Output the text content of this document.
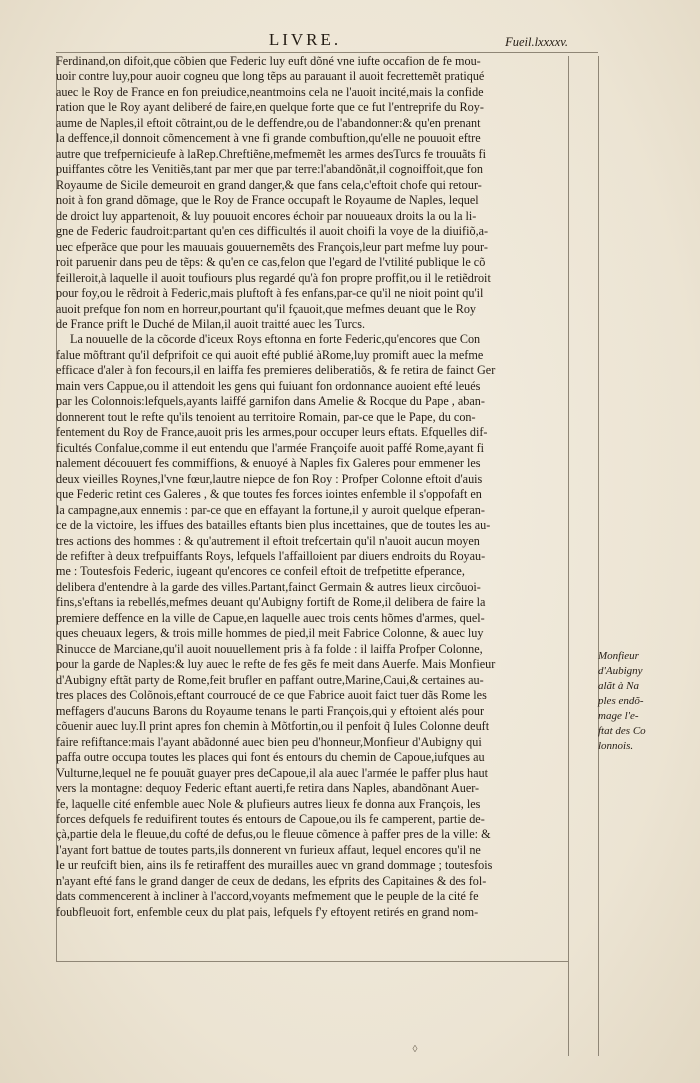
LIVRE.	Fueil.lxxxxv.
Ferdinand,on difoit,que cõbien que Federic luy euft dõné vne iufte occafion de fe mou-
uoir contre luy,pour auoir cogneu que long tẽps au parauant il auoit fecrettemẽt pratiqué
auec le Roy de France en fon preiudice,neantmoins cela ne l'auoit incité,mais la confide
ration que le Roy ayant deliberé de faire,en quelque forte que ce fut l'entreprife du Roy-
aume de Naples,il eftoit cõtraint,ou de le deffendre,ou de l'abandonner:& qu'en prenant
la deffence,il donnoit cõmencement à vne fi grande combuftion,qu'elle ne pouuoit eftre
autre que trefpernicieufe à laRep.Chreftiẽne,mefmemẽt les armes desTurcs fe trouuãts fi
puiffantes cõtre les Venitiẽs,tant par mer que par terre:l'abandõnãt,il cognoiffoit,que fon
Royaume de Sicile demeuroit en grand danger,& que fans cela,c'eftoit chofe qui retour-
noit à fon grand dõmage, que le Roy de France occupaft le Royaume de Naples, lequel
de droict luy appartenoit, & luy pouuoit encores échoir par nouueaux droits la ou la li-
gne de Federic faudroit:partant qu'en ces difficultés il auoit choifi la voye de la diuifiõ,a-
uec efperãce que pour les mauuais gouuernemẽts des François,leur part mefme luy pour-
roit paruenir dans peu de tẽps: & qu'en ce cas,felon que l'egard de l'vtilité publique le cõ
feilleroit,à laquelle il auoit toufiours plus regardé qu'à fon propre proffit,ou il le retiẽdroit
pour foy,ou le rẽdroit à Federic,mais pluftoft à fes enfans,par-ce qu'il ne nioit point qu'il
auoit prefque fon nom en horreur,pourtant qu'il fçauoit,que mefmes deuant que le Roy
de France prift le Duché de Milan,il auoit traitté auec les Turcs.
La nouuelle de la cõcorde d'iceux Roys eftonna en forte Federic,qu'encores que Con
falue mõftrant qu'il defprifoit ce qui auoit efté publié àRome,luy promift auec la mefme
efficace d'aler à fon fecours,il en laiffa fes premieres deliberatiõs, & fe retira de fainct Ger
main vers Cappue,ou il attendoit les gens qui fuiuant fon ordonnance auoient efté leués
par les Colonnois:lefquels,ayants laiffé garnifon dans Amelie & Rocque du Pape , aban-
donnerent tout le refte qu'ils tenoient au territoire Romain, par-ce que le Pape, du con-
fentement du Roy de France,auoit pris les armes,pour occuper leurs eftats. Efquelles dif-
ficultés Confalue,comme il eut entendu que l'armée Françoife auoit paffé Rome,ayant fi
nalement découuert fes commiffions, & enuoyé à Naples fix Galeres pour emmener les
deux vieilles Roynes,l'vne fœur,lautre niepce de fon Roy : Profper Colonne eftoit d'auis
que Federic retint ces Galeres , & que toutes fes forces iointes enfemble il s'oppofaft en
la campagne,aux ennemis : par-ce que en effayant la fortune,il y auroit quelque efperan-
ce de la victoire, les iffues des batailles eftants bien plus incettaines, que de toutes les au-
tres actions des hommes : & qu'autrement il eftoit trefcertain qu'il n'auoit aucun moyen
de refifter à deux trefpuiffants Roys, lefquels l'affailloient par diuers endroits du Royau-
me : Toutesfois Federic, iugeant qu'encores ce confeil eftoit de trefpetitte efperance,
delibera d'entendre à la garde des villes.Partant,fainct Germain & autres lieux circõuoi-
fins,s'eftans ia rebellés,mefmes deuant qu'Aubigny fortift de Rome,il delibera de faire la
premiere deffence en la ville de Capue,en laquelle auec trois cents hõmes d'armes, quel-
ques cheuaux legers, & trois mille hommes de pied,il meit Fabrice Colonne, & auec luy
Rinucce de Marciane,qu'il auoit nouuellement pris à fa folde : il laiffa Profper Colonne,
pour la garde de Naples:& luy auec le refte de fes gẽs fe meit dans Auerfe. Mais Monfieur
d'Aubigny eftãt party de Rome,feit brufler en paffant outre,Marine,Caui,& certaines au-
tres places des Colõnois,eftant courroucé de ce que Fabrice auoit faict tuer dãs Rome les
meffagers d'aucuns Barons du Royaume tenans le parti François,qui y eftoient alés pour
cõuenir auec luy.Il print apres fon chemin à Mõtfortin,ou il penfoit q̃ Iules Colonne deuft
faire refiftance:mais l'ayant abãdonné auec bien peu d'honneur,Monfieur d'Aubigny qui
paffa outre occupa toutes les places qui font és entours du chemin de Capoue,iufques au
Vulturne,lequel ne fe pouuãt guayer pres deCapoue,il ala auec l'armée le paffer plus haut
vers la montagne: dequoy Federic eftant auerti,fe retira dans Naples, abandõnant Auer-
fe, laquelle cité enfemble auec Nole & plufieurs autres lieux fe donna aux François, les
forces defquels fe reduifirent toutes és entours de Capoue,ou ils fe camperent, partie de-
çà,partie dela le fleuue,du cofté de defus,ou le fleuue cõmence à paffer pres de la ville: &
l'ayant fort battue de toutes parts,ils donnerent vn furieux affaut, lequel encores qu'il ne
le ur reufcift bien, ains ils fe retiraffent des murailles auec vn grand dommage ; toutesfois
n'ayant efté fans le grand danger de ceux de dedans, les efprits des Capitaines & des fol-
dats commencerent à incliner à l'accord,voyants mefmement que le peuple de la cité fe
foubfleuoit fort, enfemble ceux du plat pais, lefquels f'y eftoyent retirés en grand nom-
Monfieur
d'Aubigny
alãt à Na
ples endõ-
mage l'e-
ftat des Co
lonnois.
◊
